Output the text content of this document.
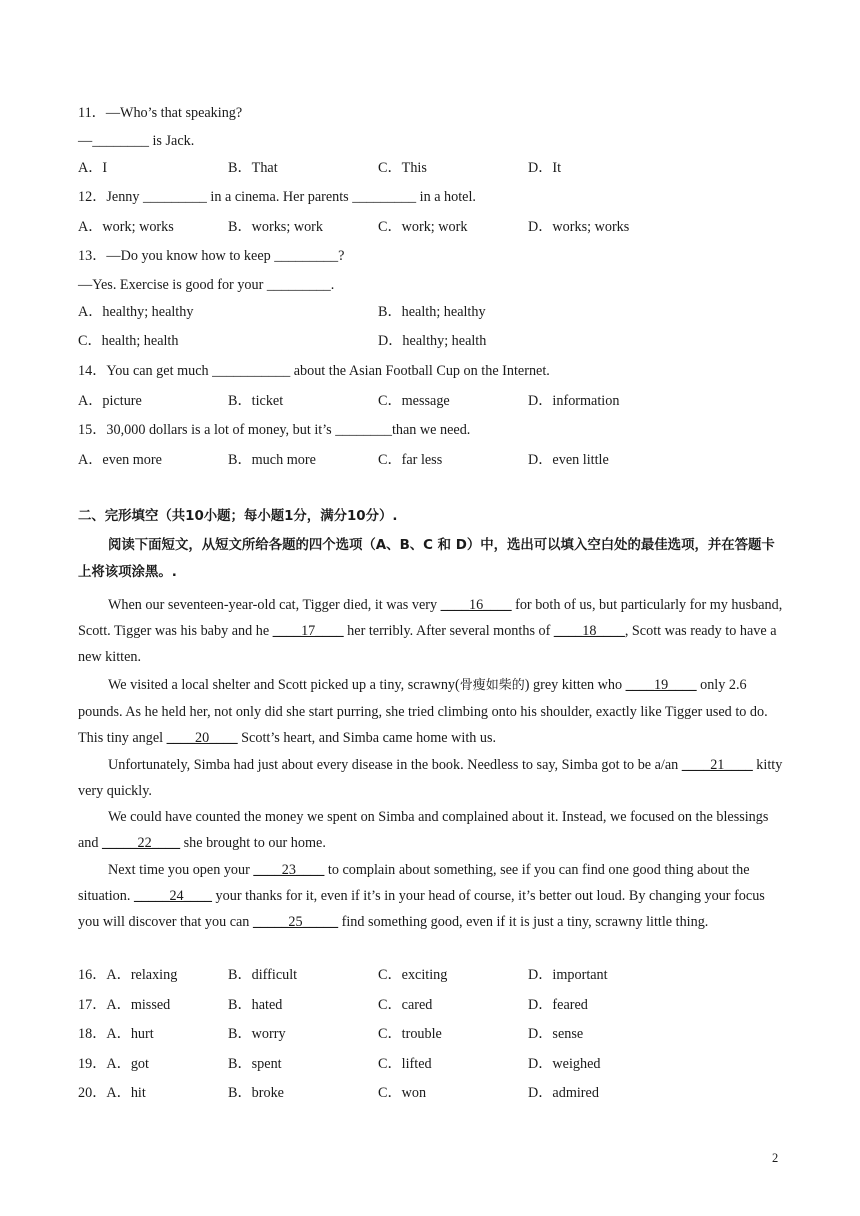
11．—Who’s that speaking?
—________ is Jack.
A．I	B．That	C．This	D．It
12．Jenny _________ in a cinema. Her parents _________ in a hotel.
A．work; works	B．works; work	C．work; work	D．works; works
13．—Do you know how to keep _________?
—Yes. Exercise is good for your _________.
A．healthy; healthy	B．health; healthy
C．health; health	D．healthy; health
14．You can get much ___________ about the Asian Football Cup on the Internet.
A．picture	B．ticket	C．message	D．information
15．30,000 dollars is a lot of money, but it’s ________than we need.
A．even more	B．much more	C．far less	D．even little
二、完形填空（共10小题；每小题1分，满分10分）.

阅读下面短文，从短文所给各题的四个选项（A、B、C 和 D）中，选出可以填入空白处的最佳选项，并在答题卡上将该项涂黑。.

When our seventeen-year-old cat, Tigger died, it was very ____16____ for both of us, but particularly for my husband, Scott. Tigger was his baby and he ____17____ her terribly. After several months of ____18____, Scott was ready to have a new kitten.

We visited a local shelter and Scott picked up a tiny, scrawny(骨瘦如柴的) grey kitten who ____19____ only 2.6 pounds. As he held her, not only did she start purring, she tried climbing onto his shoulder, exactly like Tigger used to do. This tiny angel ____20____ Scott’s heart, and Simba came home with us.

Unfortunately, Simba had just about every disease in the book. Needless to say, Simba got to be a/an ____21____ kitty very quickly.

We could have counted the money we spent on Simba and complained about it. Instead, we focused on the blessings and _____22____ she brought to our home.

Next time you open your ____23____ to complain about something, see if you can find one good thing about the situation. _____24____ your thanks for it, even if it’s in your head of course, it’s better out loud. By changing your focus you will discover that you can _____25_____ find something good, even if it is just a tiny, scrawny little thing.

16．A．relaxing	B．difficult	C．exciting	D．important
17．A．missed	B．hated	C．cared	D．feared
18．A．hurt	B．worry	C．trouble	D．sense
19．A．got	B．spent	C．lifted	D．weighed
20．A．hit	B．broke	C．won	D．admired
2
